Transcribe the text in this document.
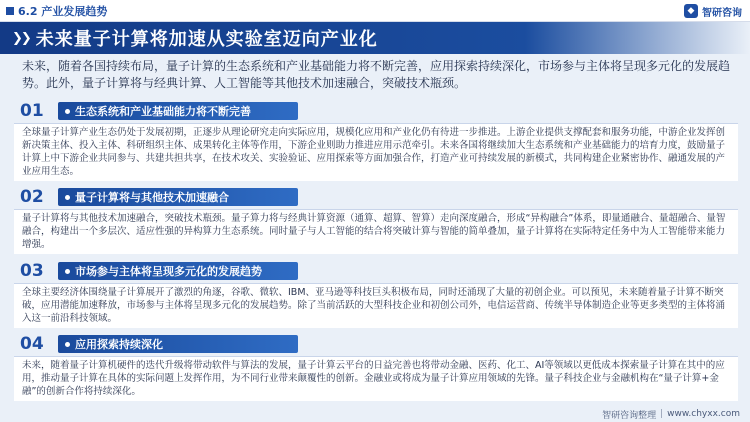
6.2 产业发展趋势	◆ 智研咨询
❯❯ 未来量子计算将加速从实验室迈向产业化
未来，随着各国持续布局，量子计算的生态系统和产业基础能力将不断完善，应用探索持续深化，市场参与主体将呈现多元化的发展趋势。此外，量子计算将与经典计算、人工智能等其他技术加速融合，突破技术瓶颈。
01	生态系统和产业基础能力将不断完善
全球量子计算产业生态仍处于发展初期，正逐步从理论研究走向实际应用，规模化应用和产业化仍有待进一步推进。上游企业提供支撑配套和服务功能，中游企业发挥创新决策主体、投入主体、科研组织主体、成果转化主体等作用，下游企业则助力推进应用示范牵引。未来各国将继续加大生态系统和产业基础能力的培育力度，鼓励量子计算上中下游企业共同参与、共建共担共享，在技术攻关、实验验证、应用探索等方面加强合作，打造产业可持续发展的新模式，共同构建企业紧密协作、融通发展的产业应用生态。
02	量子计算将与其他技术加速融合
量子计算将与其他技术加速融合，突破技术瓶颈。量子算力将与经典计算资源（通算、超算、智算）走向深度融合，形成“异构融合”体系，即量通融合、量超融合、量智融合，构建出一个多层次、适应性强的异构算力生态系统。同时量子与人工智能的结合将突破计算与智能的简单叠加，量子计算将在实际特定任务中为人工智能带来能力增强。
03	市场参与主体将呈现多元化的发展趋势
全球主要经济体围绕量子计算展开了激烈的角逐，谷歌、微软、IBM、亚马逊等科技巨头积极布局，同时还涌现了大量的初创企业。可以预见，未来随着量子计算不断突破，应用潜能加速释放，市场参与主体将呈现多元化的发展趋势。除了当前活跃的大型科技企业和初创公司外，电信运营商、传统半导体制造企业等更多类型的主体将涌入这一前沿科技领域。
04	应用探索持续深化
未来，随着量子计算机硬件的迭代升级将带动软件与算法的发展，量子计算云平台的日益完善也将带动金融、医药、化工、AI等领域以更低成本探索量子计算在其中的应用，推动量子计算在具体的实际问题上发挥作用，为不同行业带来颠覆性的创新。金融业或将成为量子计算应用领域的先锋。量子科技企业与金融机构在“量子计算+金融”的创新合作将持续深化。
智研咨询整理 | www.chyxx.com
